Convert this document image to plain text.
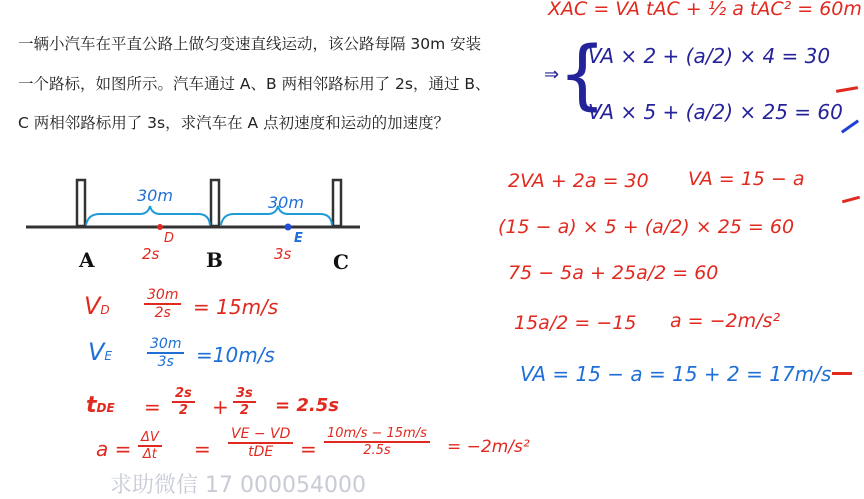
一辆小汽车在平直公路上做匀变速直线运动，该公路每隔 30m 安装
一个路标，如图所示。汽车通过 A、B 两相邻路标用了 2s，通过 B、
C 两相邻路标用了 3s，求汽车在 A 点初速度和运动的加速度？
30m	30m
A	B	C
D	E
2s	3s
VD $\frac{30m}{2s} = 15m/s$
VE $\frac{30m}{3s} =10m/s$
tDE = $\frac{2s}{2} + \frac{3s}{2} = 2.5s$
$a = \frac{\Delta V}{\Delta t}$ =
VE − VD
tDE	= $\frac{10m/s - 15m/s}{2.5s} = -2m/s^2$
XAC = VA tAC + ½ a tAC² = 60m
⇒
{
VA × 2 + (a/2) × 4 = 30
VA × 5 + (a/2) × 25 = 60
2VA + 2a = 30 VA = 15 − a
(15 − a) × 5 + (a/2) × 25 = 60
75 − 5a + 25a/2 = 60
15a/2 = −15 a = −2m/s²
VA = 15 − a = 15 + 2 = 17m/s
求助微信 17 000054000
